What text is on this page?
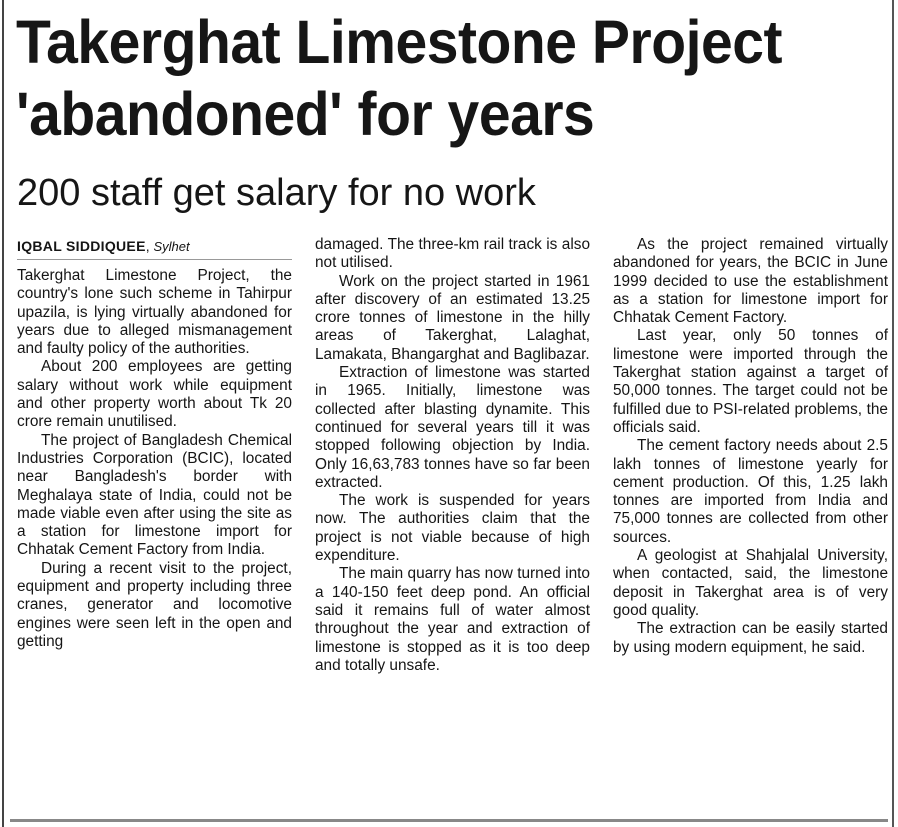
Takerghat Limestone Project
'abandoned' for years
200 staff get salary for no work
IQBAL SIDDIQUEE, Sylhet

Takerghat Limestone Project, the country's lone such scheme in Tahirpur upazila, is lying virtually abandoned for years due to alleged mismanagement and faulty policy of the authorities.

About 200 employees are getting salary without work while equipment and other property worth about Tk 20 crore remain unutilised.

The project of Bangladesh Chemical Industries Corporation (BCIC), located near Bangladesh's border with Meghalaya state of India, could not be made viable even after using the site as a station for limestone import for Chhatak Cement Factory from India.

During a recent visit to the project, equipment and property including three cranes, generator and locomotive engines were seen left in the open and getting

damaged. The three-km rail track is also not utilised.

Work on the project started in 1961 after discovery of an estimated 13.25 crore tonnes of limestone in the hilly areas of Takerghat, Lalaghat, Lamakata, Bhangarghat and Baglibazar.

Extraction of limestone was started in 1965. Initially, limestone was collected after blasting dynamite. This continued for several years till it was stopped following objection by India. Only 16,63,783 tonnes have so far been extracted.

The work is suspended for years now. The authorities claim that the project is not viable because of high expenditure.

The main quarry has now turned into a 140-150 feet deep pond. An official said it remains full of water almost throughout the year and extraction of limestone is stopped as it is too deep and totally unsafe.

As the project remained virtually abandoned for years, the BCIC in June 1999 decided to use the establishment as a station for limestone import for Chhatak Cement Factory.

Last year, only 50 tonnes of limestone were imported through the Takerghat station against a target of 50,000 tonnes. The target could not be fulfilled due to PSI-related problems, the officials said.

The cement factory needs about 2.5 lakh tonnes of limestone yearly for cement production. Of this, 1.25 lakh tonnes are imported from India and 75,000 tonnes are collected from other sources.

A geologist at Shahjalal University, when contacted, said, the limestone deposit in Takerghat area is of very good quality.

The extraction can be easily started by using modern equipment, he said.
